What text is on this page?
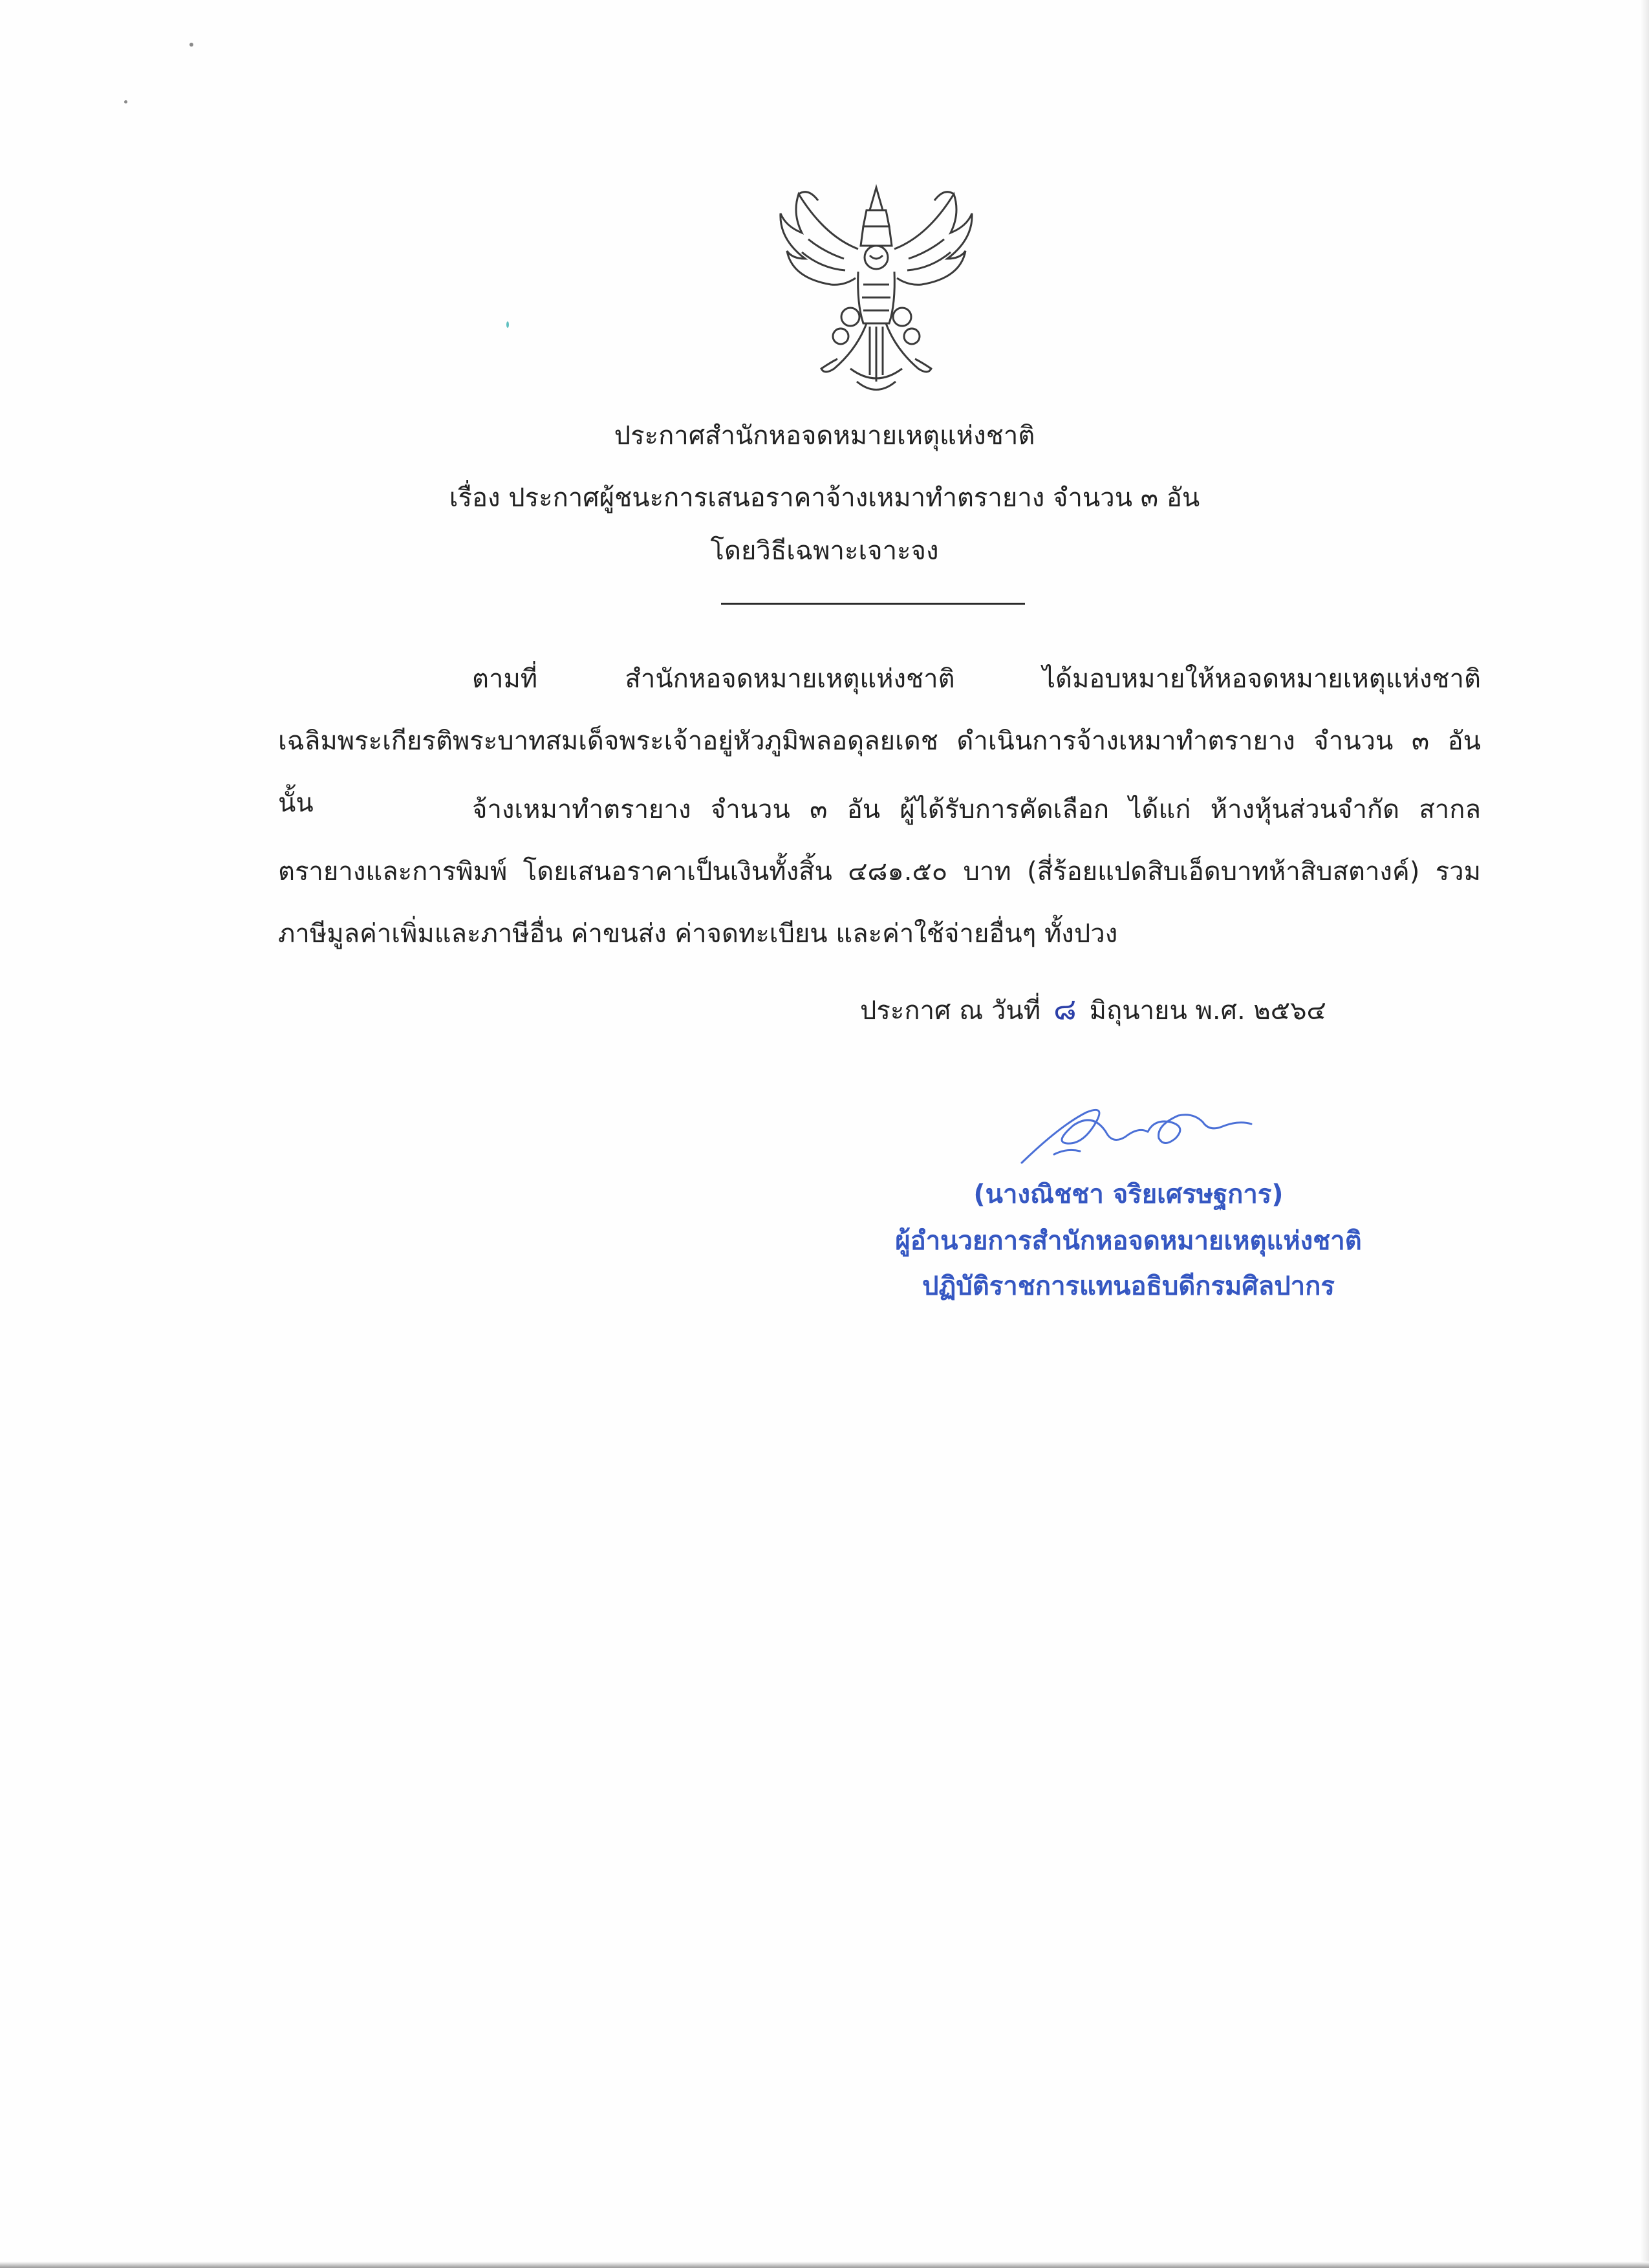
ประกาศสำนักหอจดหมายเหตุแห่งชาติ
เรื่อง ประกาศผู้ชนะการเสนอราคาจ้างเหมาทำตรายาง จำนวน ๓ อัน
โดยวิธีเฉพาะเจาะจง
ตามที่ สำนักหอจดหมายเหตุแห่งชาติ ได้มอบหมายให้หอจดหมายเหตุแห่งชาติเฉลิมพระเกียรติพระบาทสมเด็จพระเจ้าอยู่หัวภูมิพลอดุลยเดช ดำเนินการจ้างเหมาทำตรายาง จำนวน ๓ อัน นั้น	จ้างเหมาทำตรายาง จำนวน ๓ อัน ผู้ได้รับการคัดเลือก ได้แก่ ห้างหุ้นส่วนจำกัด สากลตรายางและการพิมพ์ โดยเสนอราคาเป็นเงินทั้งสิ้น ๔๘๑.๕๐ บาท (สี่ร้อยแปดสิบเอ็ดบาทห้าสิบสตางค์) รวมภาษีมูลค่าเพิ่มและภาษีอื่น ค่าขนส่ง ค่าจดทะเบียน และค่าใช้จ่ายอื่นๆ ทั้งปวง
ประกาศ ณ วันที่ ๘ มิถุนายน พ.ศ. ๒๕๖๔
(นางณิชชา จริยเศรษฐการ)
ผู้อำนวยการสำนักหอจดหมายเหตุแห่งชาติ
ปฏิบัติราชการแทนอธิบดีกรมศิลปากร
